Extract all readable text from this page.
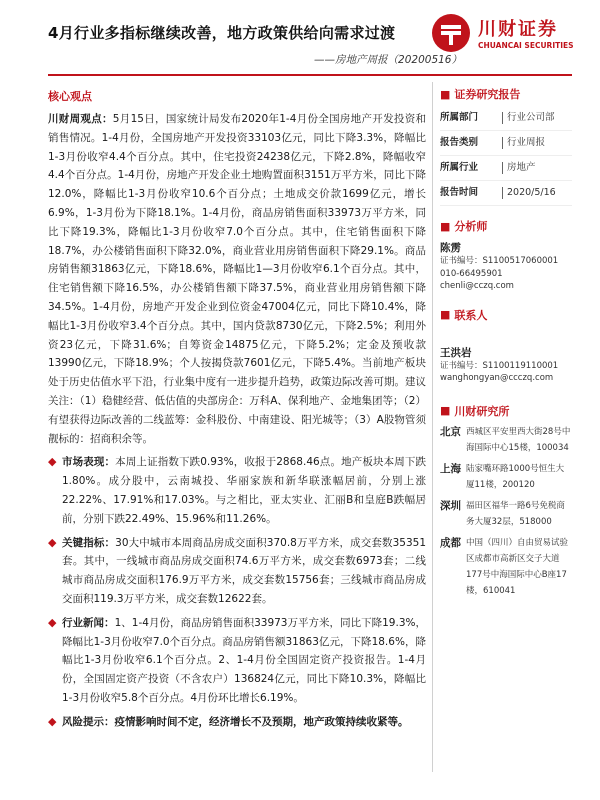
4月行业多指标继续改善，地方政策供给向需求过渡
——房地产周报（20200516）
川财证券
CHUANCAI SECURITIES
核心观点
川财周观点：5月15日，国家统计局发布2020年1-4月份全国房地产开发投资和销售情况。1-4月份，全国房地产开发投资33103亿元，同比下降3.3%，降幅比1-3月份收窄4.4个百分点。其中，住宅投资24238亿元，下降2.8%，降幅收窄4.4个百分点。1-4月份，房地产开发企业土地购置面积3151万平方米，同比下降12.0%，降幅比1-3月份收窄10.6个百分点；土地成交价款1699亿元，增长6.9%，1-3月份为下降18.1%。1-4月份，商品房销售面积33973万平方米，同比下降19.3%，降幅比1-3月份收窄7.0个百分点。其中，住宅销售面积下降18.7%，办公楼销售面积下降32.0%，商业营业用房销售面积下降29.1%。商品房销售额31863亿元，下降18.6%，降幅比1—3月份收窄6.1个百分点。其中，住宅销售额下降16.5%，办公楼销售额下降37.5%，商业营业用房销售额下降34.5%。1-4月份，房地产开发企业到位资金47004亿元，同比下降10.4%，降幅比1-3月份收窄3.4个百分点。其中，国内贷款8730亿元，下降2.5%；利用外资23亿元，下降31.6%；自筹资金14875亿元，下降5.2%；定金及预收款13990亿元，下降18.9%；个人按揭贷款7601亿元，下降5.4%。当前地产板块处于历史估值水平下沿，行业集中度有一进步提升趋势，政策边际改善可期。建议关注：（1）稳健经营、低估值的央部房企：万科A、保利地产、金地集团等；（2）有望获得边际改善的二线蓝筹：金科股份、中南建设、阳光城等；（3）A股物管须靓标的：招商积余等。
◆ 市场表现：本周上证指数下跌0.93%，收报于2868.46点。地产板块本周下跌1.80%。成分股中，云南城投、华丽家族和新华联涨幅居前，分别上涨22.22%、17.91%和17.03%。与之相比，亚太实业、汇丽B和皇庭B跌幅居前，分别下跌22.49%、15.96%和11.26%。
◆ 关键指标：30大中城市本周商品房成交面积370.8万平方米，成交套数35351套。其中，一线城市商品房成交面积74.6万平方米，成交套数6973套；二线城市商品房成交面积176.9万平方米，成交套数15756套；三线城市商品房成交面积119.3万平方米，成交套数12622套。
◆ 行业新闻：1、1-4月份，商品房销售面积33973万平方米，同比下降19.3%，降幅比1-3月份收窄7.0个百分点。商品房销售额31863亿元，下降18.6%，降幅比1-3月份收窄6.1个百分点。2、1-4月份全国固定资产投资报告。1-4月份，全国固定资产投资（不含农户）136824亿元，同比下降10.3%，降幅比1-3月份收窄5.8个百分点。4月份环比增长6.19%。
◆ 风险提示：疫情影响时间不定，经济增长不及预期，地产政策持续收紧等。
■ 证券研究报告
所属部门	行业公司部
报告类别	行业周报
所属行业	房地产
报告时间	2020/5/16
■ 分析师
陈雳
证书编号：S1100517060001
010-66495901
chenli@cczq.com
■ 联系人
王洪岩
证书编号：S1100119110001
wanghongyan@ccczq.com
■ 川财研究所
北京 西城区平安里西大街28号中海国际中心15楼，100034
上海 陆家嘴环路1000号恒生大厦11楼，200120
深圳 福田区福华一路6号免税商务大厦32层，518000
成都 中国（四川）自由贸易试验区成都市高新区交子大道177号中海国际中心B座17楼，610041
